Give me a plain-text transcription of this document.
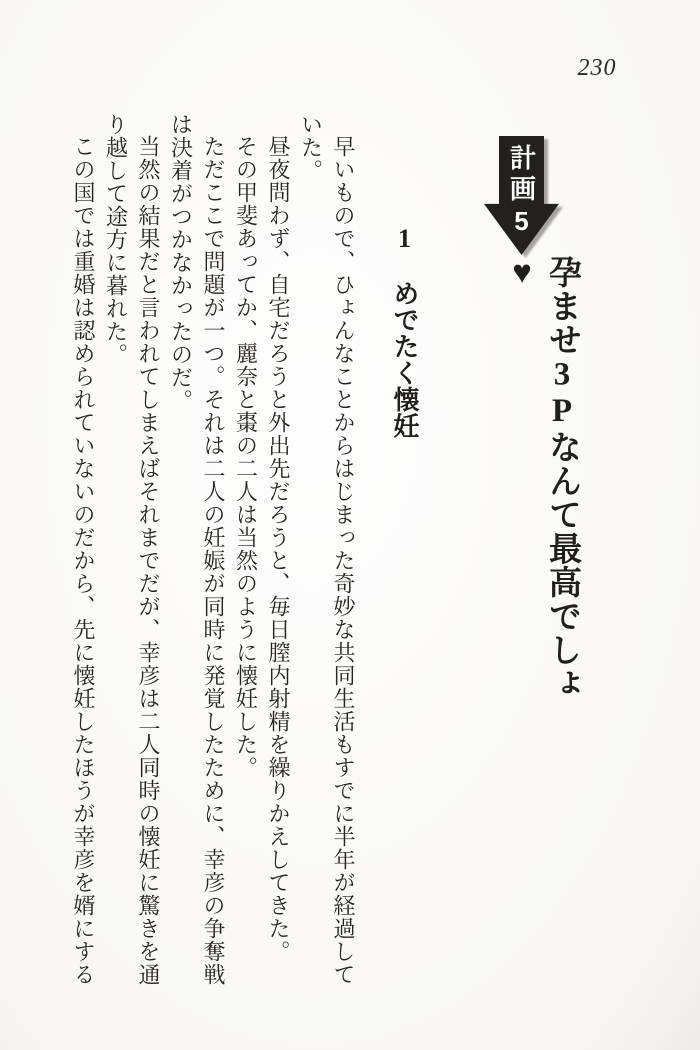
230
計画5
孕ませ3Pなんて最高でしょ♥
1　めでたく懐妊

早いもので、ひょんなことからはじまった奇妙な共同生活もすでに半年が経過していた。

昼夜問わず、自宅だろうと外出先だろうと、毎日膣内射精を繰りかえしてきた。

その甲斐あってか、麗奈と棗の二人は当然のように懐妊した。

ただここで問題が一つ。それは二人の妊娠が同時に発覚したために、幸彦の争奪戦は決着がつかなかったのだ。

当然の結果だと言われてしまえばそれまでだが、幸彦は二人同時の懐妊に驚きを通り越して途方に暮れた。

この国では重婚は認められていないのだから、先に懐妊したほうが幸彦を婿にする
